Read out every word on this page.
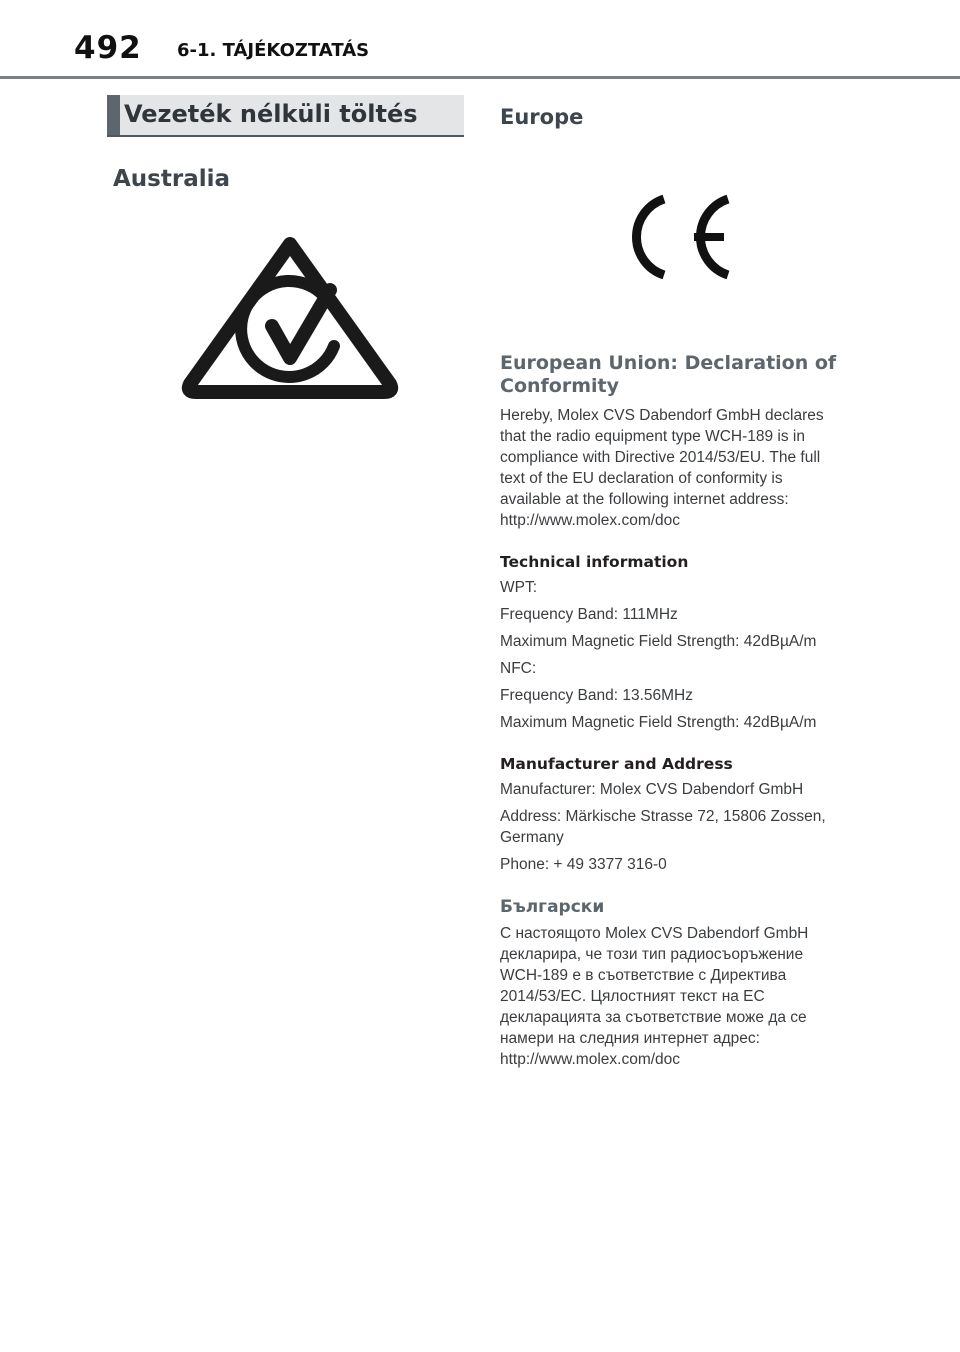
492 6-1. TÁJÉKOZTATÁS
Vezeték nélküli töltés
Australia
Europe
European Union: Declaration of Conformity

Hereby, Molex CVS Dabendorf GmbH declares that the radio equipment type WCH-189 is in compliance with Directive 2014/53/EU. The full text of the EU declaration of conformity is available at the following internet address: http://www.molex.com/doc

Technical information
WPT:
Frequency Band: 111MHz
Maximum Magnetic Field Strength: 42dBµA/m
NFC:
Frequency Band: 13.56MHz
Maximum Magnetic Field Strength: 42dBµA/m
Manufacturer and Address
Manufacturer: Molex CVS Dabendorf GmbH
Address: Märkische Strasse 72, 15806 Zossen, Germany
Phone: + 49 3377 316-0
Български

С настоящото Molex CVS Dabendorf GmbH декларира, че този тип радиосъоръжение WCH-189 е в съответствие с Директива 2014/53/ЕС. Цялостният текст на ЕС декларацията за съответствие може да се намери на следния интернет адрес: http://www.molex.com/doc
